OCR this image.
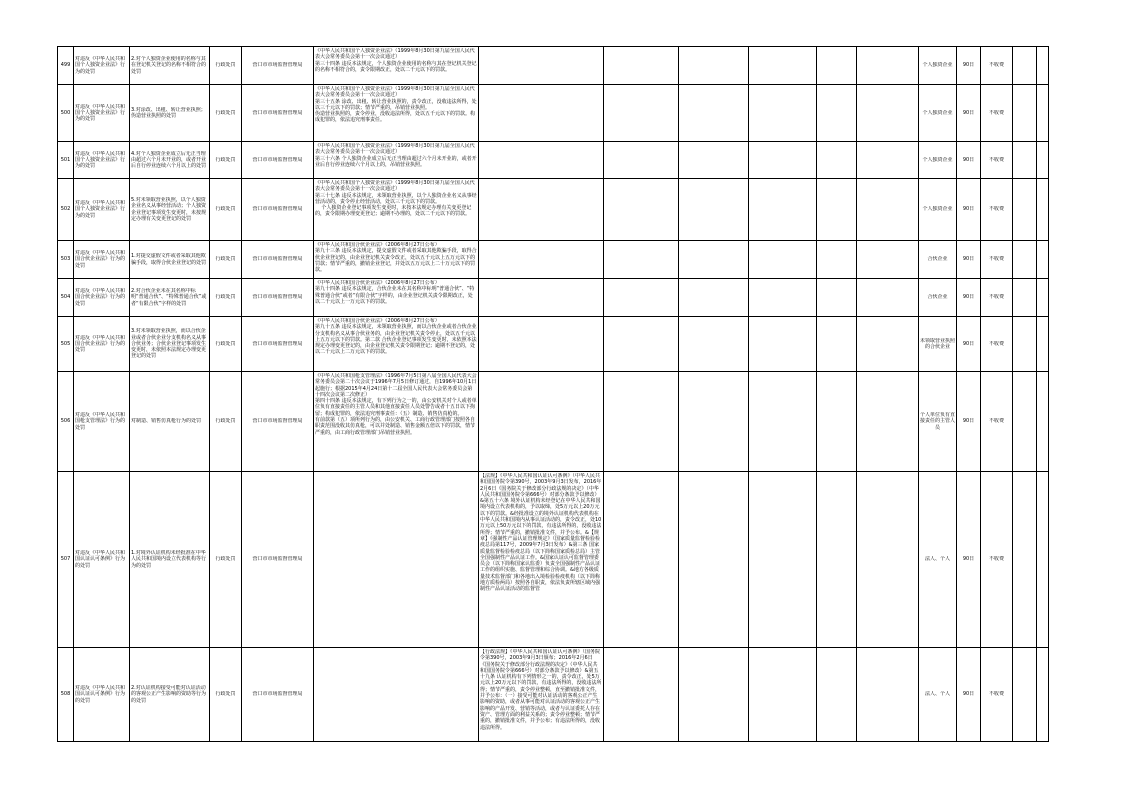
499	对违反《中华人民共和国个人独资企业法》行为的处罚	2.对个人独资企业使用的名称与其在登记机关登记的名称不相符合的处罚	行政处罚	营口市市场监督管理局	《中华人民共和国个人独资企业法》（1999年8月30日第九届全国人民代表大会常务委员会第十一次会议通过）
第三十四条 违反本法规定，个人独资企业使用的名称与其在登记机关登记的名称不相符合的，责令限期改正，处以二千元以下的罚款。							个人独资企业	90日	不收费		

500	对违反《中华人民共和国个人独资企业法》行为的处罚	3.对涂改、出租、转让营业执照；伪造营业执照的处罚	行政处罚	营口市市场监督管理局	《中华人民共和国个人独资企业法》（1999年8月30日第九届全国人民代表大会常务委员会第十一次会议通过）
第三十五条 涂改、出租、转让营业执照的，责令改正，没收违法所得，处以三千元以下的罚款；情节严重的，吊销营业执照。
伪造营业执照的，责令停业，没收违法所得，处以五千元以下的罚款。构成犯罪的，依法追究刑事责任。							个人独资企业	90日	不收费		

501	对违反《中华人民共和国个人独资企业法》行为的处罚	4.对个人独资企业成立后无正当理由超过六个月未开业的，或者开业后自行停业连续六个月以上的处罚	行政处罚	营口市市场监督管理局	《中华人民共和国个人独资企业法》（1999年8月30日第九届全国人民代表大会常务委员会第十一次会议通过）
第三十六条 个人独资企业成立后无正当理由超过六个月未开业的，或者开业后自行停业连续六个月以上的，吊销营业执照。							个人独资企业	90日	不收费		

502	对违反《中华人民共和国个人独资企业法》行为的处罚	5.对未领取营业执照，以个人独资企业名义从事经营活动；个人独资企业登记事项发生变更时，未按规定办理有关变更登记的处罚	行政处罚	营口市市场监督管理局	《中华人民共和国个人独资企业法》（1999年8月30日第九届全国人民代表大会常务委员会第十一次会议通过）
第三十七条 违反本法规定，未领取营业执照，以个人独资企业名义从事经营活动的，责令停止经营活动，处以三千元以下的罚款。
个人独资企业登记事项发生变更时，未按本法规定办理有关变更登记的，责令限期办理变更登记；逾期不办理的，处以二千元以下的罚款。							个人独资企业	90日	不收费		

503	对违反《中华人民共和国合伙企业法》行为的处罚	1.对提交虚假文件或者采取其他欺骗手段，取得合伙企业登记的处罚	行政处罚	营口市市场监督管理局	《中华人民共和国合伙企业法》（2006年8月27日公布）
第九十三条 违反本法规定，提交虚假文件或者采取其他欺骗手段，取得合伙企业登记的，由企业登记机关责令改正，处以五千元以上五万元以下的罚款；情节严重的，撤销企业登记，并处以五万元以上二十万元以下的罚款。							合伙企业	90日	不收费		

504	对违反《中华人民共和国合伙企业法》行为的处罚	2.对合伙企业未在其名称中标明“普通合伙”、“特殊普通合伙”或者“有限合伙”字样的处罚	行政处罚	营口市市场监督管理局	《中华人民共和国合伙企业法》（2006年8月27日公布）
第九十四条 违反本法规定，合伙企业未在其名称中标明“普通合伙”、“特殊普通合伙”或者“有限合伙”字样的，由企业登记机关责令限期改正，处以二千元以上一万元以下的罚款。							合伙企业	90日	不收费		

505	对违反《中华人民共和国合伙企业法》行为的处罚	3.对未领取营业执照，而以合伙企业或者合伙企业分支机构名义从事合伙业务；合伙企业登记事项发生变更时，未依照本法规定办理变更登记的处罚	行政处罚	营口市市场监督管理局	《中华人民共和国合伙企业法》（2006年8月27日公布）
第九十五条 违反本法规定，未领取营业执照，而以合伙企业或者合伙企业分支机构名义从事合伙业务的，由企业登记机关责令停止，处以五千元以上五万元以下的罚款。第二款 合伙企业登记事项发生变更时，未依照本法规定办理变更登记的，由企业登记机关责令限期登记；逾期不登记的，处以二千元以上二万元以下的罚款。							未领取营业执照的合伙企业	90日	不收费		

506	对违反《中华人民共和国枪支管理法》行为的处罚	对制造、销售仿真枪行为的处罚	行政处罚	营口市市场监督管理局	《中华人民共和国枪支管理法》（1996年7月5日第八届全国人民代表大会常务委员会第二十次会议于1996年7月5日修订通过，自1996年10月1日起施行；根据2015年4月24日第十二届全国人民代表大会常务委员会第十四次会议第二次修正）
第四十四条 违反本法规定，有下列行为之一的，由公安机关对个人或者单位负有直接责任的主管人员和其他直接责任人员处警告或者十五日以下拘留；构成犯罪的，依法追究刑事责任：（五）制造、销售仿真枪的。
有前款第（五）项所列行为的，由公安机关、工商行政管理部门按照各自职责范围没收其仿真枪，可以并处制造、销售金额五倍以下的罚款，情节严重的，由工商行政管理部门吊销营业执照。							个人单位负有直接责任的主管人员	90日	不收费		

507	对违反《中华人民共和国认证认可条例》行为的处罚	1.对境外认证机构未经批准在中华人民共和国境内设立代表机构等行为的处罚	行政处罚	营口市市场监督管理局		【法规】《中华人民共和国认证认可条例》（中华人民共和国国务院令第390号，2003年9月3日发布，2016年2月6日《国务院关于修改部分行政法规的决定》（中华人民共和国国务院令第666号）对部分条款予以修改）&第五十六条 境外认证机构未经登记在中华人民共和国境内设立代表机构的，予以取缔，处5万元以上20万元以下的罚款。&经批准设立的境外认证机构代表机构在中华人民共和国境内从事认证活动的，责令改正，处10万元以上50万元以下的罚款，有违法所得的，没收违法所得；情节严重的，撤销批准文件，并予公布。&【规章】《强制性产品认证管理规定》（国家质量监督检验检疫总局第117号，2009年7月3日发布）&第三条 国家质量监督检验检疫总局（以下简称国家质检总局）主管全国强制性产品认证工作。&国家认证认可监督管理委员会（以下简称国家认监委）负责全国强制性产品认证工作的组织实施、监督管理和综合协调。&地方各级质量技术监督部门和各地出入境检验检疫机构（以下简称地方质检两局）按照各自职责，依法负责所辖区域内强制性产品认证活动的监督管						法人、个人	90日	不收费		

508	对违反《中华人民共和国认证认可条例》行为的处罚	2.对认证机构接受可能对认证活动的客观公正产生影响的资助等行为的处罚	行政处罚	营口市市场监督管理局		【行政法规】《中华人民共和国认证认可条例》（国务院令第390号，2003年9月3日颁布；2016年2月6日《国务院关于修改部分行政法规的决定》（中华人民共和国国务院令第666号）对部分条款予以修改）&第五十九条 认证机构有下列情形之一的，责令改正，处5万元以上20万元以下的罚款，有违法所得的，没收违法所得；情节严重的，责令停业整顿，直至撤销批准文件，并予公布：（一）接受可能对认证活动的客观公正产生影响的资助，或者从事可能对认证活动的客观公正产生影响的产品开发、营销等活动，或者与认证委托人存在资产、管理方面的利益关系的；责令停业整顿；情节严重的，撤销批准文件，并予公布；有违法所得的，没收违法所得。						法人、个人	90日	不收费		
